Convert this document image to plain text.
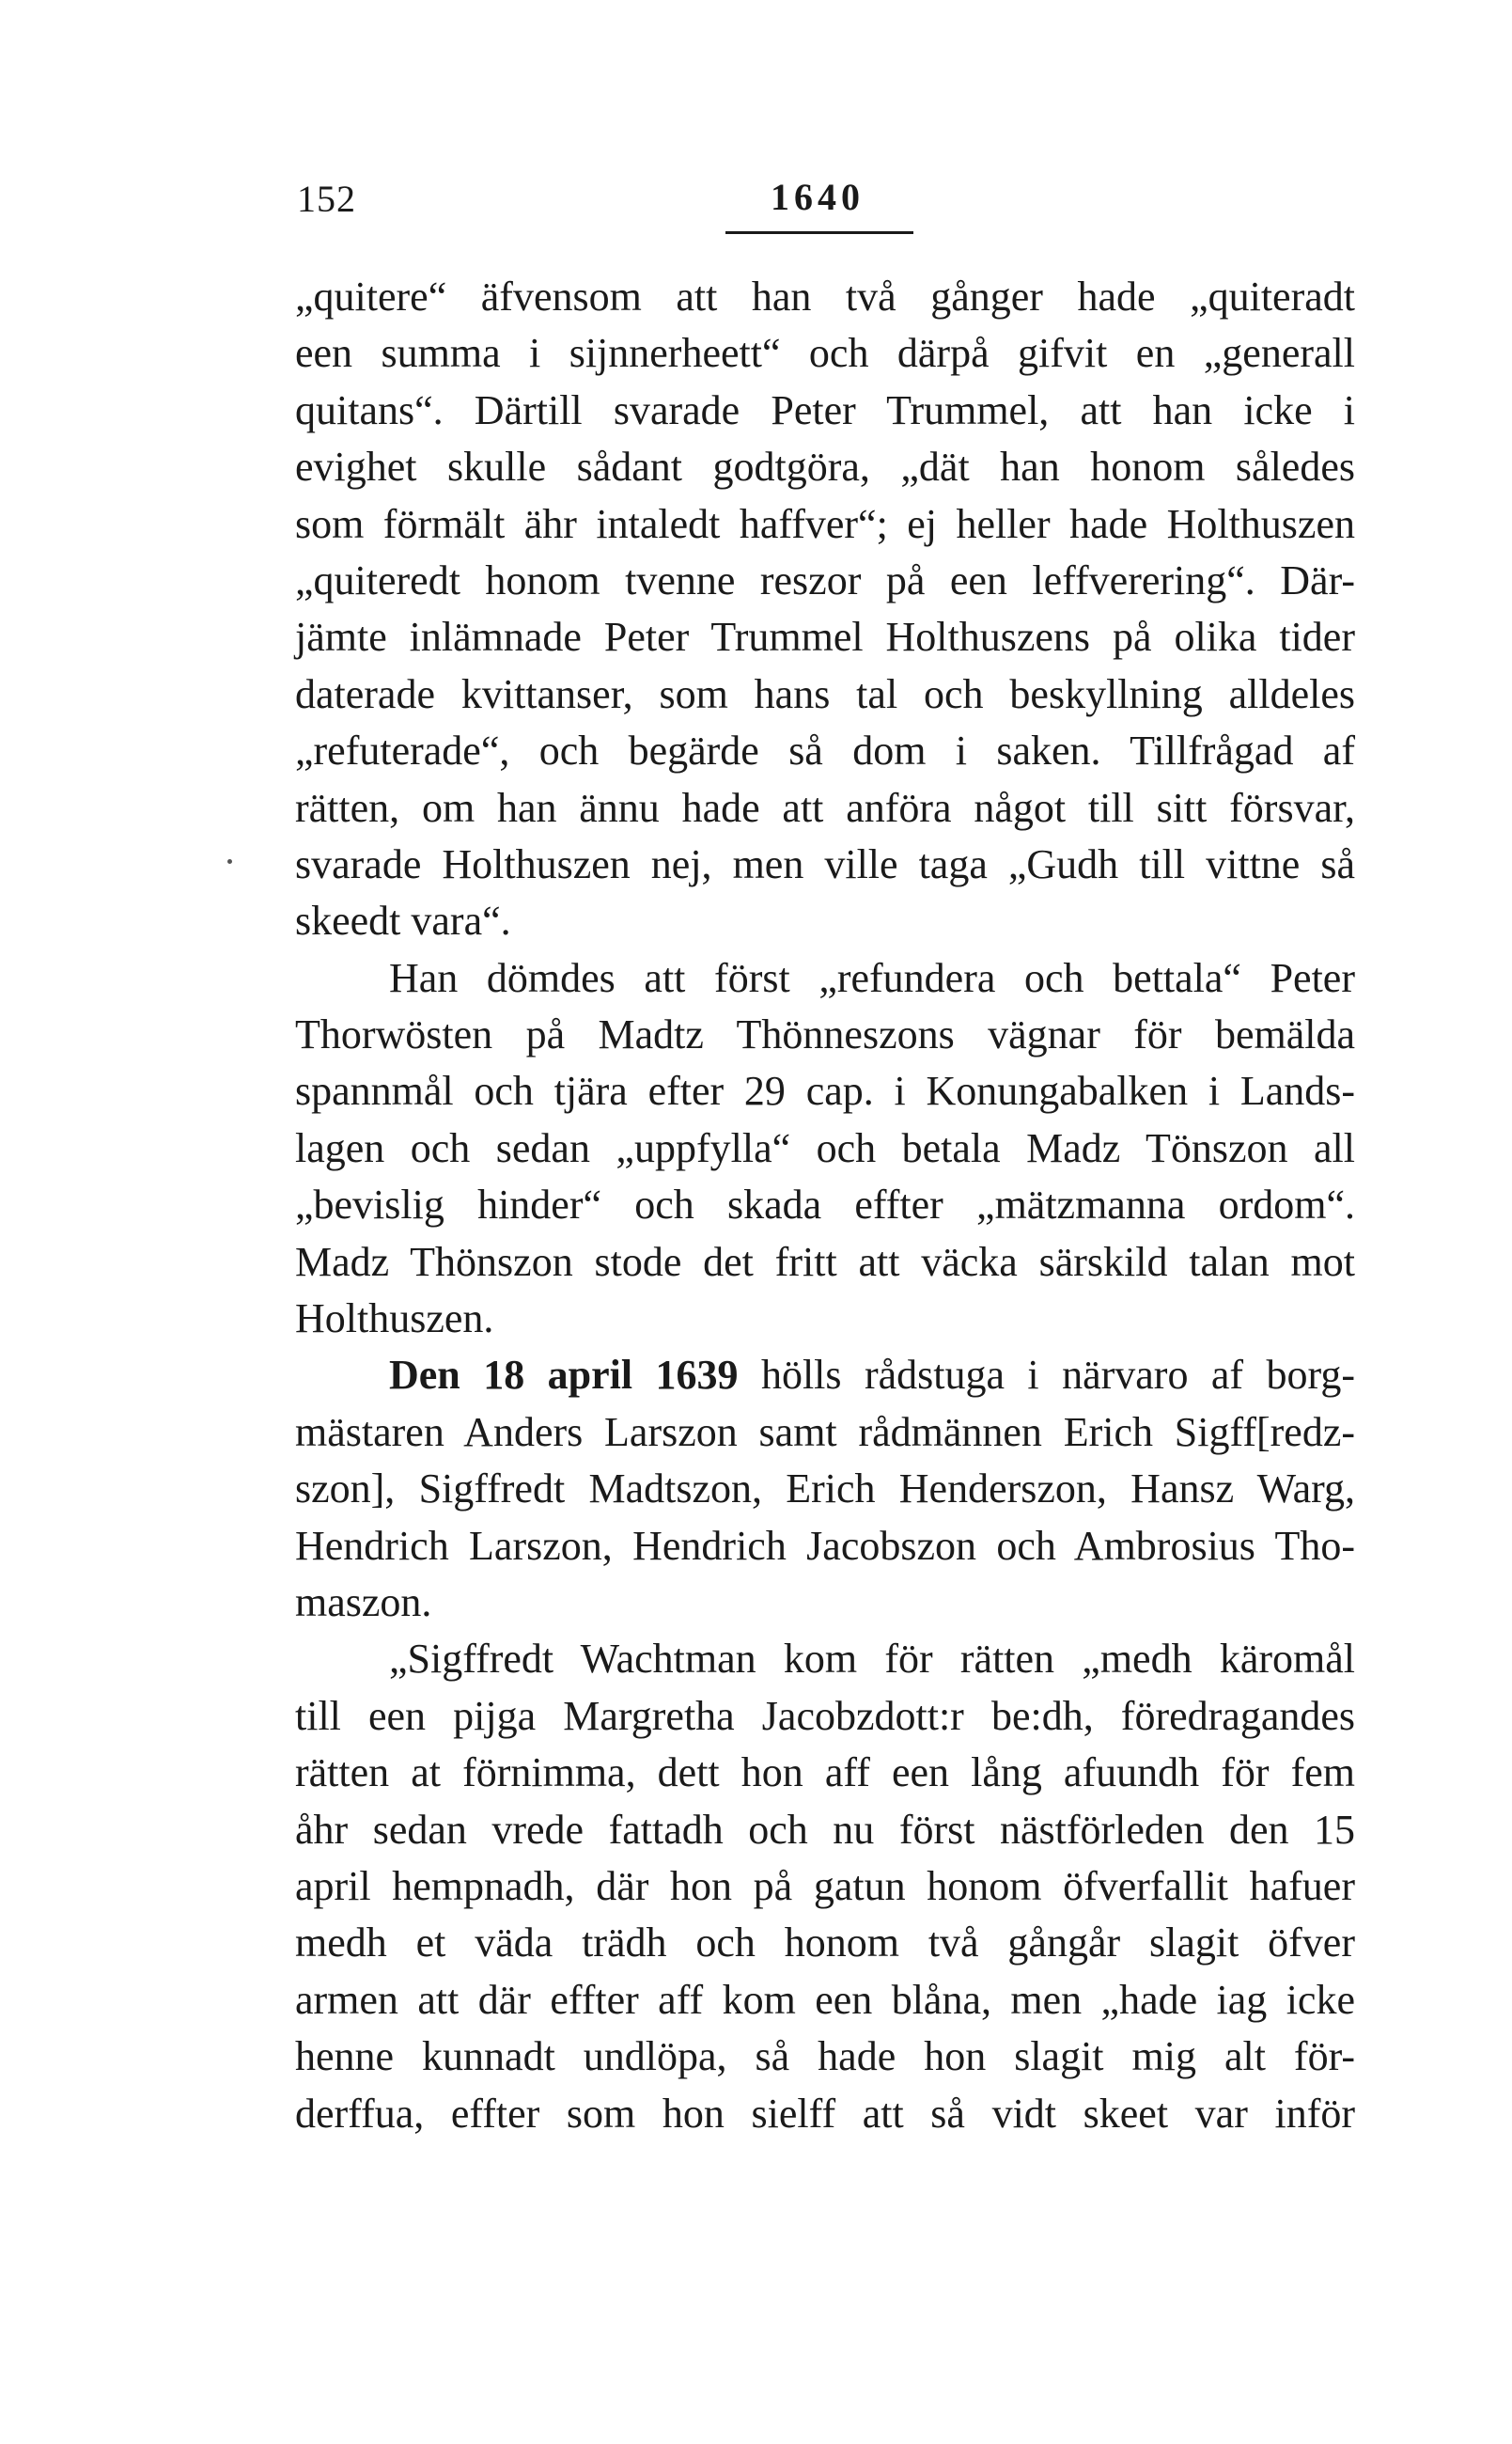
152	1640
„quitere“ äfvensom att han två gånger hade „quiteradt
een summa i sijnnerheett“ och därpå gifvit en „generall
quitans“. Därtill svarade Peter Trummel, att han icke i
evighet skulle sådant godtgöra, „dät han honom således
som förmält ähr intaledt haffver“; ej heller hade Holthuszen
„quiteredt honom tvenne reszor på een leffverering“. Där-
jämte inlämnade Peter Trummel Holthuszens på olika tider
daterade kvittanser, som hans tal och beskyllning alldeles
„refuterade“, och begärde så dom i saken. Tillfrågad af
rätten, om han ännu hade att anföra något till sitt försvar,
svarade Holthuszen nej, men ville taga „Gudh till vittne så
skeedt vara“.
Han dömdes att först „refundera och bettala“ Peter
Thorwösten på Madtz Thönneszons vägnar för bemälda
spannmål och tjära efter 29 cap. i Konungabalken i Lands-
lagen och sedan „uppfylla“ och betala Madz Tönszon all
„bevislig hinder“ och skada effter „mätzmanna ordom“.
Madz Thönszon stode det fritt att väcka särskild talan mot
Holthuszen.
Den 18 april 1639 hölls rådstuga i närvaro af borg-
mästaren Anders Larszon samt rådmännen Erich Sigff[redz-
szon], Sigffredt Madtszon, Erich Henderszon, Hansz Warg,
Hendrich Larszon, Hendrich Jacobszon och Ambrosius Tho-
maszon.
„Sigffredt Wachtman kom för rätten „medh käromål
till een pijga Margretha Jacobzdott:r be:dh, föredragandes
rätten at förnimma, dett hon aff een lång afuundh för fem
åhr sedan vrede fattadh och nu först nästförleden den 15
april hempnadh, där hon på gatun honom öfverfallit hafuer
medh et väda trädh och honom två gångår slagit öfver
armen att där effter aff kom een blåna, men „hade iag icke
henne kunnadt undlöpa, så hade hon slagit mig alt för-
derffua, effter som hon sielff att så vidt skeet var inför
